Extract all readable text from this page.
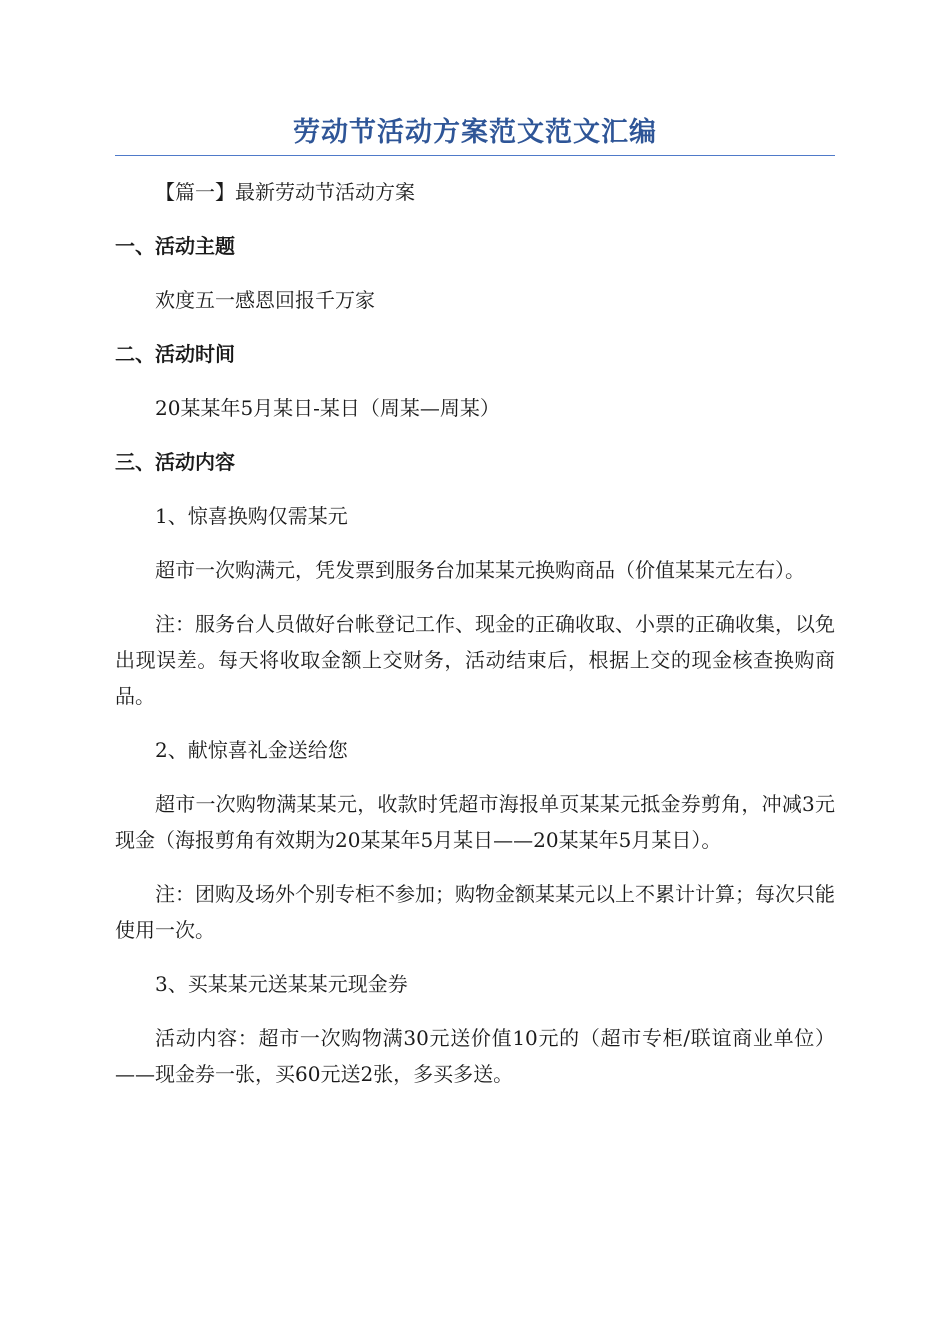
劳动节活动方案范文范文汇编

【篇一】最新劳动节活动方案

一、活动主题

欢度五一感恩回报千万家

二、活动时间

20某某年5月某日-某日（周某—周某）

三、活动内容

1、惊喜换购仅需某元

超市一次购满元，凭发票到服务台加某某元换购商品（价值某某元左右）。

注：服务台人员做好台帐登记工作、现金的正确收取、小票的正确收集，以免出现误差。每天将收取金额上交财务，活动结束后，根据上交的现金核查换购商品。

2、献惊喜礼金送给您

超市一次购物满某某元，收款时凭超市海报单页某某元抵金券剪角，冲减3元现金（海报剪角有效期为20某某年5月某日——20某某年5月某日）。

注：团购及场外个别专柜不参加；购物金额某某元以上不累计计算；每次只能使用一次。

3、买某某元送某某元现金券

活动内容：超市一次购物满30元送价值10元的（超市专柜/联谊商业单位）——现金券一张，买60元送2张，多买多送。
